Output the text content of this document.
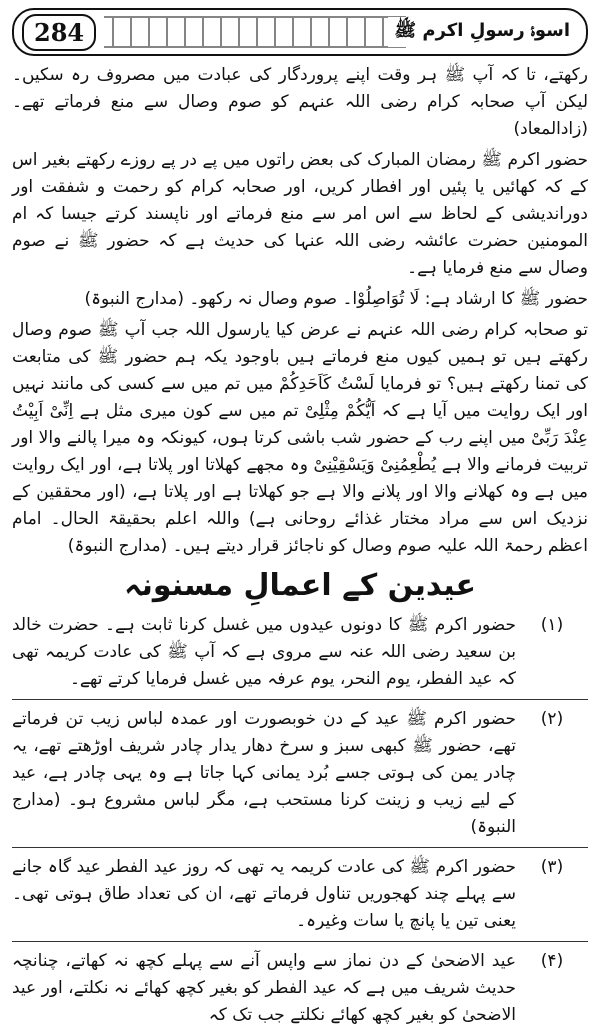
284	اسوۂ رسولِ اکرم ﷺ

رکھتے، تا کہ آپ ﷺ ہر وقت اپنے پروردگار کی عبادت میں مصروف رہ سکیں۔ لیکن آپ صحابہ کرام رضی اللہ عنہم کو صوم وصال سے منع فرماتے تھے۔ (زادالمعاد)

حضور اکرم ﷺ رمضان المبارک کی بعض راتوں میں پے در پے روزے رکھتے بغیر اس کے کہ کھائیں یا پئیں اور افطار کریں، اور صحابہ کرام کو رحمت و شفقت اور دوراندیشی کے لحاظ سے اس امر سے منع فرماتے اور ناپسند کرتے جیسا کہ ام المومنین حضرت عائشہ رضی اللہ عنہا کی حدیث ہے کہ حضور ﷺ نے صوم وصال سے منع فرمایا ہے۔

حضور ﷺ کا ارشاد ہے: لَا تُوَاصِلُوْا۔ صوم وصال نہ رکھو۔ (مدارج النبوۃ)

تو صحابہ کرام رضی اللہ عنہم نے عرض کیا یارسول اللہ جب آپ ﷺ صوم وصال رکھتے ہیں تو ہمیں کیوں منع فرماتے ہیں باوجود یکہ ہم حضور ﷺ کی متابعت کی تمنا رکھتے ہیں؟ تو فرمایا لَسْتُ کَاَحَدِکُمْ میں تم میں سے کسی کی مانند نہیں اور ایک روایت میں آیا ہے کہ اَیُّکُمْ مِثْلِیْ تم میں سے کون میری مثل ہے اِنِّیْ اَبِیْتُ عِنْدَ رَبِّیْ میں اپنے رب کے حضور شب باشی کرتا ہوں، کیونکہ وہ میرا پالنے والا اور تربیت فرمانے والا ہے یُطْعِمُنِیْ وَیَسْقِیْنِیْ وہ مجھے کھلاتا اور پلاتا ہے، اور ایک روایت میں ہے وہ کھلانے والا اور پلانے والا ہے جو کھلاتا ہے اور پلاتا ہے، (اور محققین کے نزدیک اس سے مراد مختار غذائے روحانی ہے) واللہ اعلم بحقیقۃ الحال۔ امام اعظم رحمۃ اللہ علیہ صوم وصال کو ناجائز قرار دیتے ہیں۔ (مدارج النبوۃ)

عیدین کے اعمالِ مسنونہ
(۱)
حضور اکرم ﷺ کا دونوں عیدوں میں غسل کرنا ثابت ہے۔ حضرت خالد بن سعید رضی اللہ عنہ سے مروی ہے کہ آپ ﷺ کی عادت کریمہ تھی کہ عید الفطر، یوم النحر، یوم عرفہ میں غسل فرمایا کرتے تھے۔
(۲)
حضور اکرم ﷺ عید کے دن خوبصورت اور عمدہ لباس زیب تن فرماتے تھے، حضور ﷺ کبھی سبز و سرخ دھار یدار چادر شریف اوڑھتے تھے، یہ چادر یمن کی ہوتی جسے بُرد یمانی کہا جاتا ہے وہ یہی چادر ہے، عید کے لیے زیب و زینت کرنا مستحب ہے، مگر لباس مشروع ہو۔ (مدارج النبوۃ)
(۳)
حضور اکرم ﷺ کی عادت کریمہ یہ تھی کہ روز عید الفطر عید گاہ جانے سے پہلے چند کھجوریں تناول فرماتے تھے، ان کی تعداد طاق ہوتی تھی۔ یعنی تین یا پانچ یا سات وغیرہ۔
(۴)
عید الاضحیٰ کے دن نماز سے واپس آنے سے پہلے کچھ نہ کھاتے، چنانچہ حدیث شریف میں ہے کہ عید الفطر کو بغیر کچھ کھائے نہ نکلتے، اور عید الاضحیٰ کو بغیر کچھ کھائے نکلتے جب تک کہ
